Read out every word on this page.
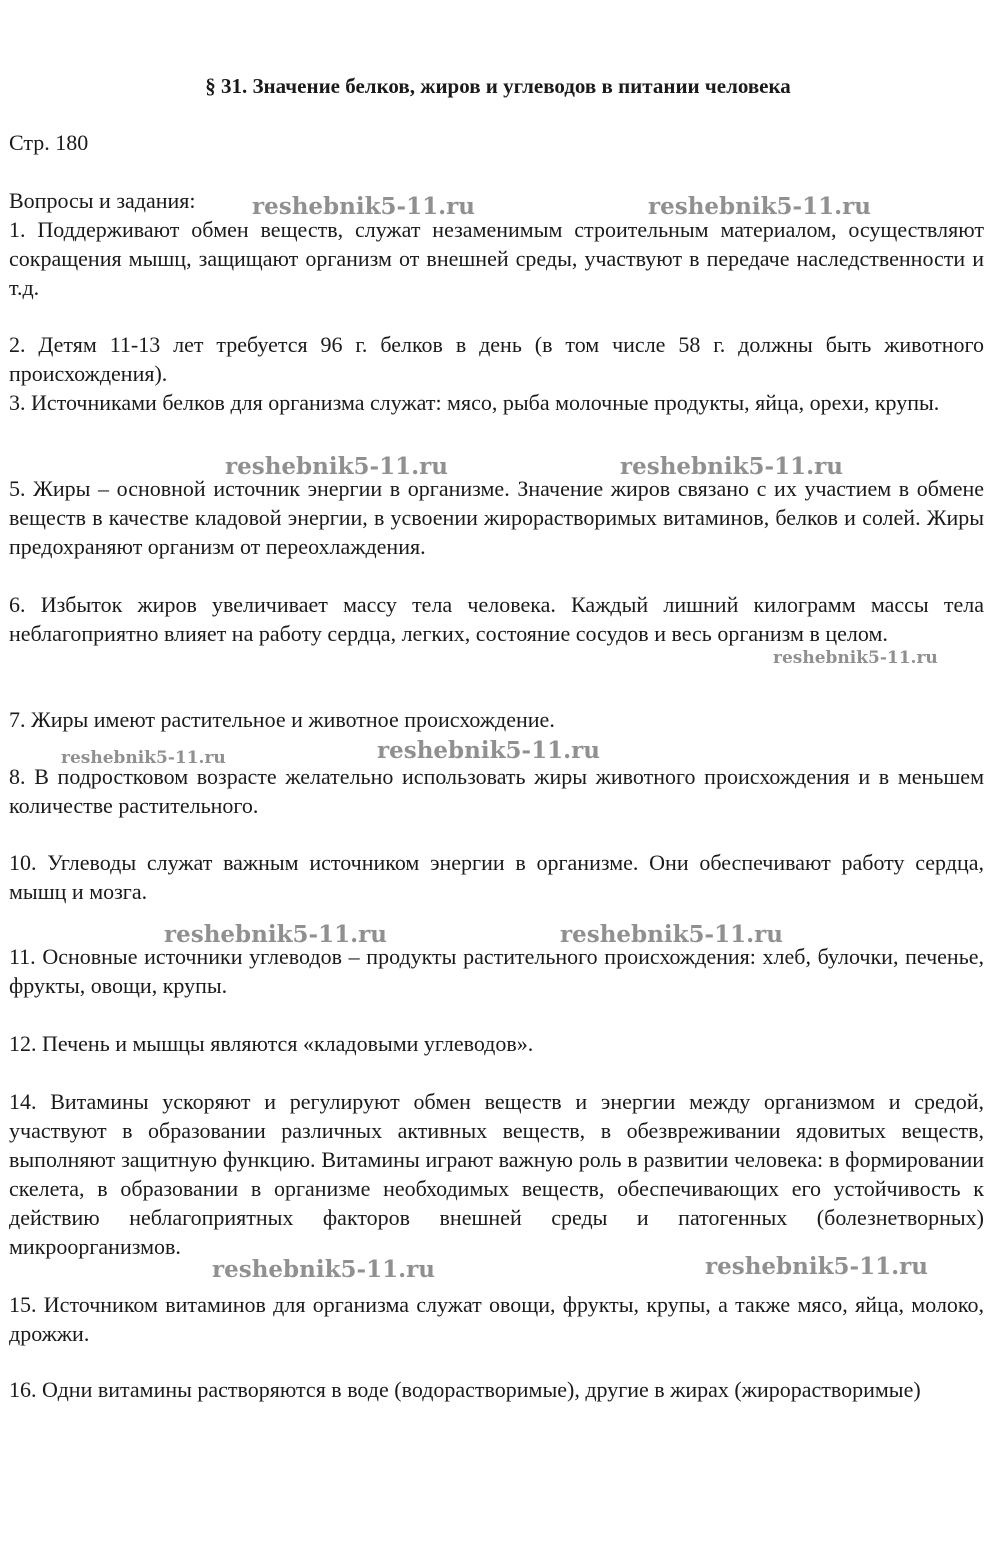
§ 31. Значение белков, жиров и углеводов в питании человека
Стр. 180
Вопросы и задания:
1. Поддерживают обмен веществ, служат незаменимым строительным материалом, осуществляют сокращения мышц, защищают организм от внешней среды, участвуют в передаче наследственности и т.д.
2. Детям 11-13 лет требуется 96 г. белков в день (в том числе 58 г. должны быть животного происхождения).
3. Источниками белков для организма служат: мясо, рыба молочные продукты, яйца, орехи, крупы.
5. Жиры – основной источник энергии в организме. Значение жиров связано с их участием в обмене веществ в качестве кладовой энергии, в усвоении жирорастворимых витаминов, белков и солей. Жиры предохраняют организм от переохлаждения.
6. Избыток жиров увеличивает массу тела человека. Каждый лишний килограмм массы тела неблагоприятно влияет на работу сердца, легких, состояние сосудов и весь организм в целом.
7. Жиры имеют растительное и животное происхождение.
8. В подростковом возрасте желательно использовать жиры животного происхождения и в меньшем количестве растительного.
10. Углеводы служат важным источником энергии в организме. Они обеспечивают работу сердца, мышц и мозга.
11. Основные источники углеводов – продукты растительного происхождения: хлеб, булочки, печенье, фрукты, овощи, крупы.
12. Печень и мышцы являются «кладовыми углеводов».
14. Витамины ускоряют и регулируют обмен веществ и энергии между организмом и средой, участвуют в образовании различных активных веществ, в обезвреживании ядовитых веществ, выполняют защитную функцию. Витамины играют важную роль в развитии человека: в формировании скелета, в образовании в организме необходимых веществ, обеспечивающих его устойчивость к действию неблагоприятных факторов внешней среды и патогенных (болезнетворных) микроорганизмов.
15. Источником витаминов для организма служат овощи, фрукты, крупы, а также мясо, яйца, молоко, дрожжи.
16. Одни витамины растворяются в воде (водорастворимые), другие в жирах (жирорастворимые)
reshebnik5-11.ru	reshebnik5-11.ru
reshebnik5-11.ru	reshebnik5-11.ru
reshebnik5-11.ru
reshebnik5-11.ru	reshebnik5-11.ru
reshebnik5-11.ru	reshebnik5-11.ru
reshebnik5-11.ru	reshebnik5-11.ru
